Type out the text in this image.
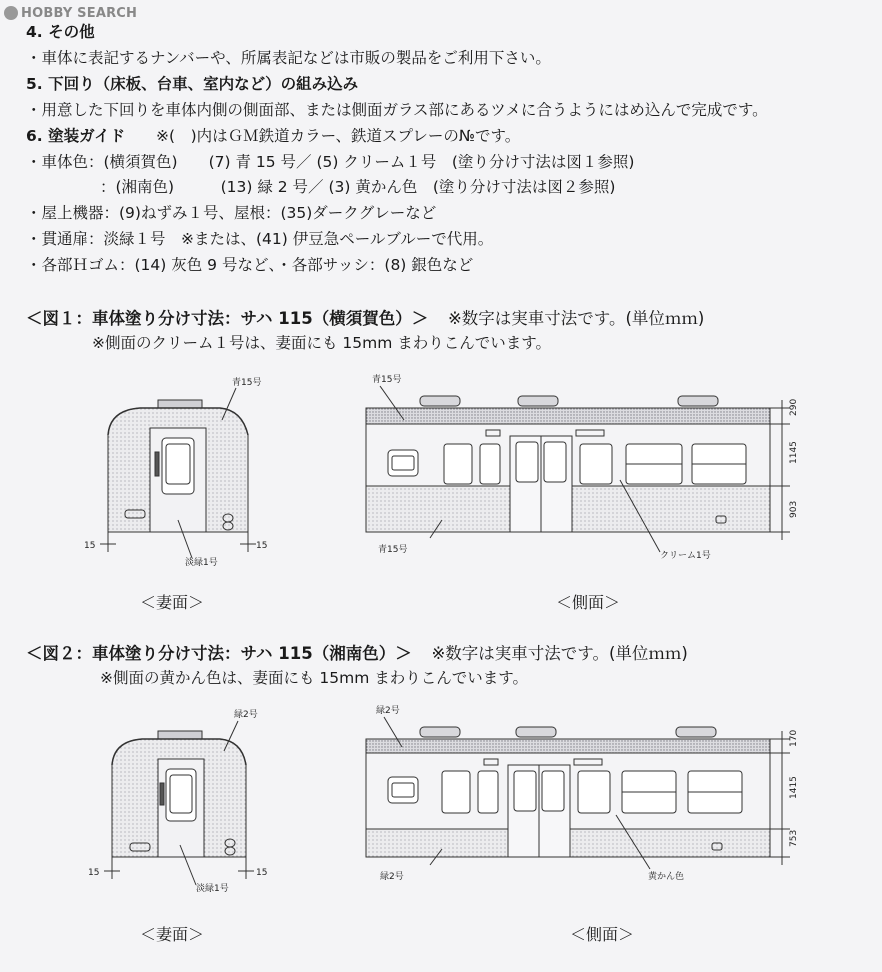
HOBBY SEARCH
4. その他
・車体に表記するナンバーや、所属表記などは市販の製品をご利用下さい。
5. 下回り（床板、台車、室内など）の組み込み
・用意した下回りを車体内側の側面部、または側面ガラス部にあるツメに合うようにはめ込んで完成です。
6. 塗装ガイド ※(　)内はＧＭ鉄道カラー、鉄道スプレーの№です。
・車体色：(横須賀色)　　(7) 青 15 号／ (5) クリーム１号　(塗り分け寸法は図１参照)
：(湘南色)　　　(13) 緑 2 号／ (3) 黄かん色　(塗り分け寸法は図２参照)
・屋上機器：(9)ねずみ１号、屋根：(35)ダークグレーなど
・貫通扉：淡緑１号　※または、(41) 伊豆急ペールブルーで代用。
・各部Ｈゴム：(14) 灰色 9 号など、・各部サッシ：(8) 銀色など
＜図１：車体塗り分け寸法：サハ 115（横須賀色）＞ ※数字は実車寸法です。(単位ｍｍ)
※側面のクリーム１号は、妻面にも 15mm まわりこんでいます。
15	15
淡緑1号
青15号
290
1145
903
青15号
青15号
クリーム1号
＜妻面＞	＜側面＞
＜図２：車体塗り分け寸法：サハ 115（湘南色）＞ ※数字は実車寸法です。(単位ｍｍ)
※側面の黄かん色は、妻面にも 15mm まわりこんでいます。
15	15
淡緑1号
緑2号
170
1415
753
緑2号
緑2号	黄かん色
＜妻面＞	＜側面＞
